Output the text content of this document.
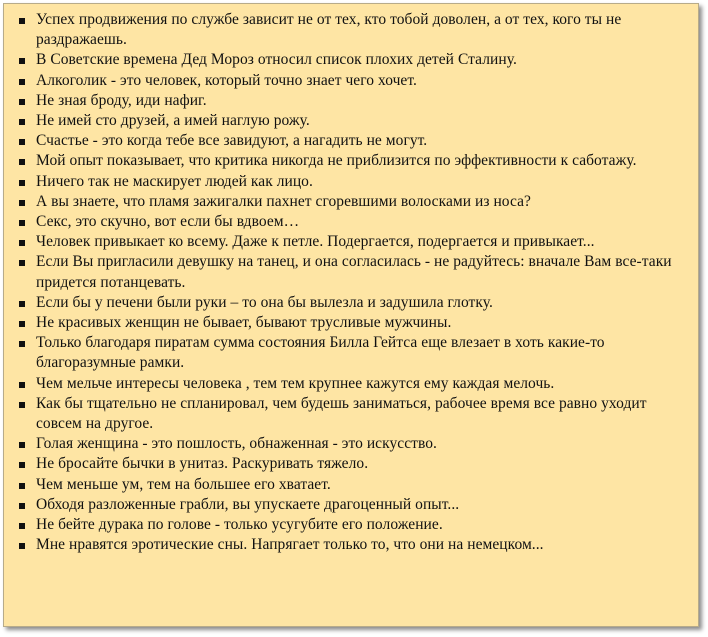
Успех продвижения по службе зависит не от тех, кто тобой доволен, а от тех, кого ты не раздражаешь.
В Советские времена Дед Мороз относил список плохих детей Сталину.
Алкоголик - это человек, который точно знает чего хочет.
Не зная броду, иди нафиг.
Не имей сто друзей, а имей наглую рожу.
Счастье - это когда тебе все завидуют, а нагадить не могут.
Мой опыт показывает, что критика никогда не приблизится по эффективности к саботажу.
Ничего так не маскирует людей как лицо.
А вы знаете, что пламя зажигалки пахнет сгоревшими волосками из носа?
Секс, это скучно, вот если бы вдвоем…
Человек привыкает ко всему. Даже к петле. Подергается, подергается и привыкает...
Если Вы пригласили девушку на танец, и она согласилась - не радуйтесь: вначале Вам все-таки придется потанцевать.
Если бы у печени были руки – то она бы вылезла и задушила глотку.
Не красивых женщин не бывает, бывают трусливые мужчины.
Только благодаря пиратам сумма состояния Билла Гейтса еще влезает в хоть какие-то благоразумные рамки.
Чем мельче интересы человека , тем тем крупнее кажутся ему каждая мелочь.
Как бы тщательно не спланировал, чем будешь заниматься, рабочее время все равно уходит совсем на другое.
Голая женщина - это пошлость, обнаженная - это искусство.
Не бросайте бычки в унитаз. Раскуривать тяжело.
Чем меньше ум, тем на большее его хватает.
Обходя разложенные грабли, вы упускаете драгоценный опыт...
Не бейте дурака по голове - только усугубите его положение.
Мне нравятся эротические сны. Напрягает только то, что они на немецком...
